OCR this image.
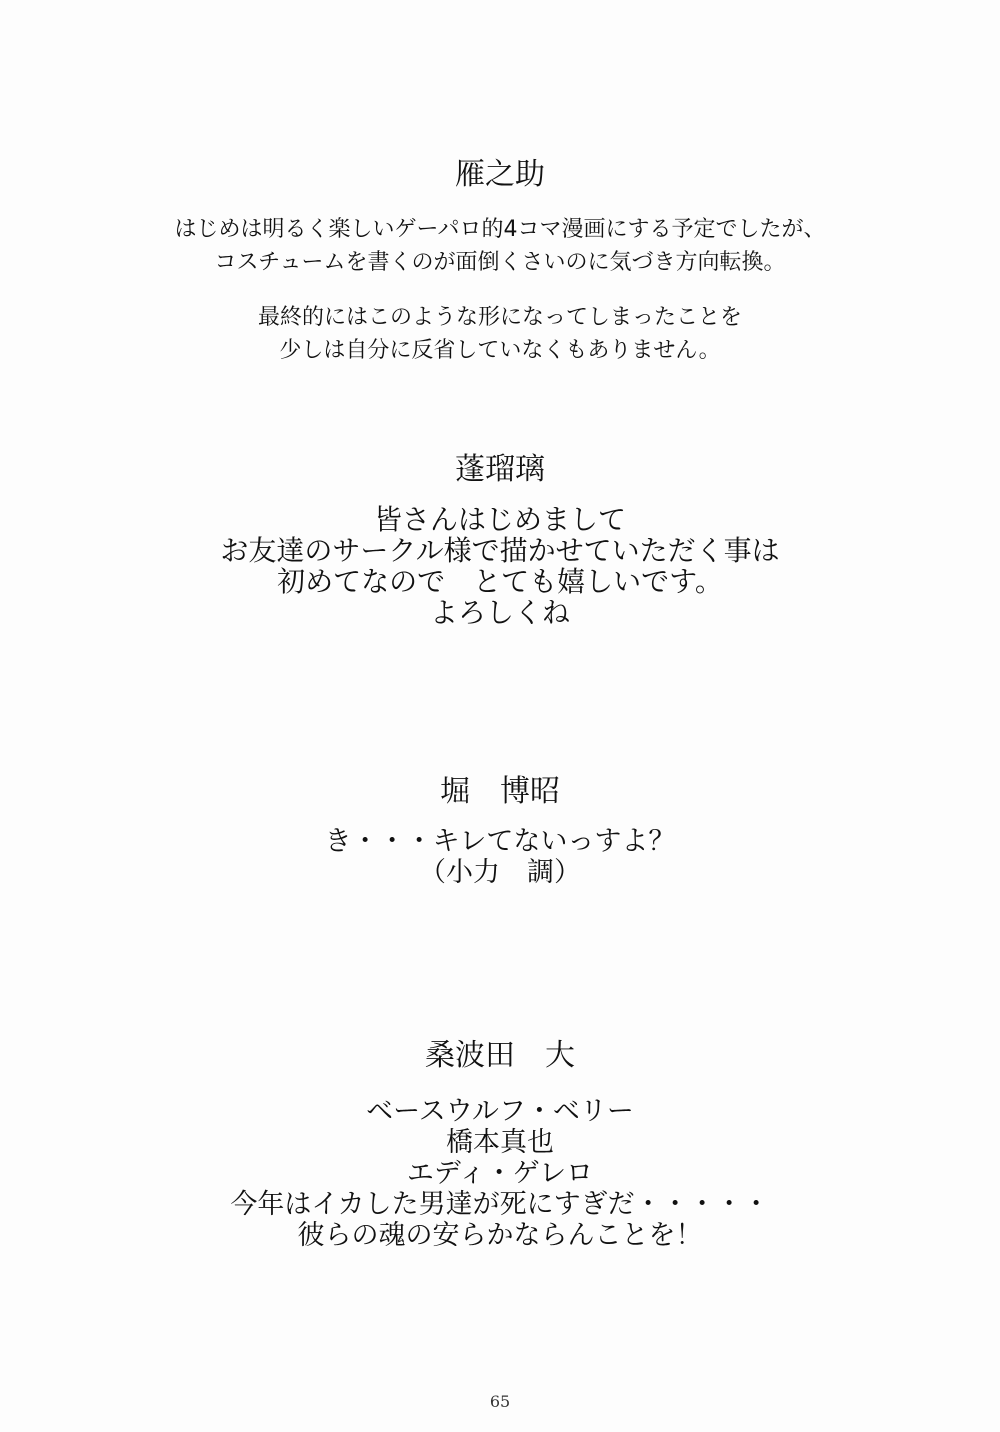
雁之助

はじめは明るく楽しいゲーパロ的4コマ漫画にする予定でしたが、
コスチュームを書くのが面倒くさいのに気づき方向転換。

最終的にはこのような形になってしまったことを
少しは自分に反省していなくもありません。

蓬瑠璃

皆さんはじめまして
お友達のサークル様で描かせていただく事は
初めてなので　とても嬉しいです。
よろしくね

堀　博昭

き・・・キレてないっすよ？
（小力　調）

桑波田　大

ベースウルフ・ベリー
橋本真也
エディ・ゲレロ
今年はイカした男達が死にすぎだ・・・・・
彼らの魂の安らかならんことを！

65
